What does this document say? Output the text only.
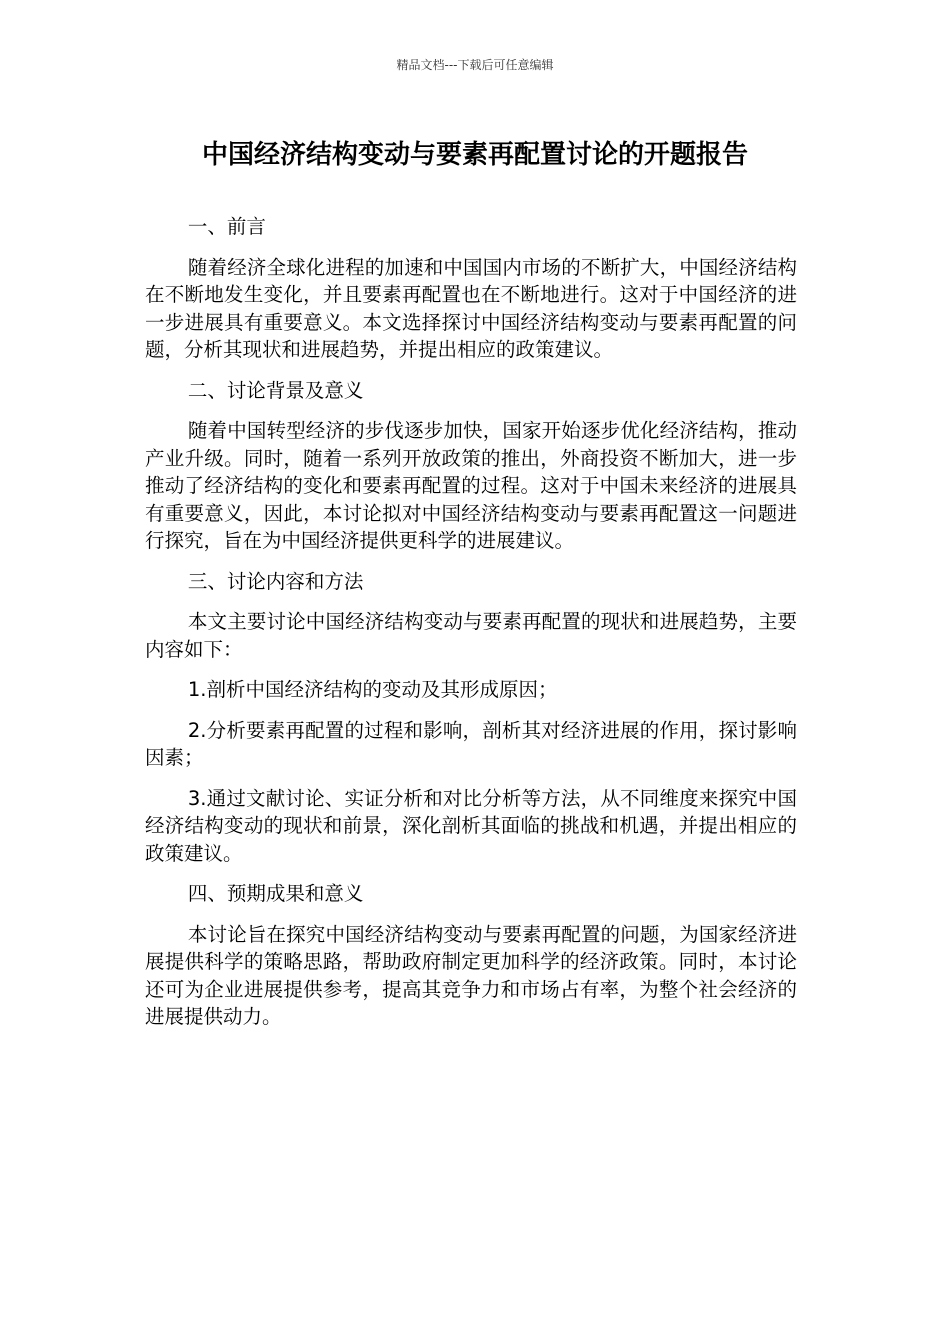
精品文档---下载后可任意编辑
中国经济结构变动与要素再配置讨论的开题报告

一、前言

随着经济全球化进程的加速和中国国内市场的不断扩大，中国经济结构在不断地发生变化，并且要素再配置也在不断地进行。这对于中国经济的进一步进展具有重要意义。本文选择探讨中国经济结构变动与要素再配置的问题，分析其现状和进展趋势，并提出相应的政策建议。

二、讨论背景及意义

随着中国转型经济的步伐逐步加快，国家开始逐步优化经济结构，推动产业升级。同时，随着一系列开放政策的推出，外商投资不断加大，进一步推动了经济结构的变化和要素再配置的过程。这对于中国未来经济的进展具有重要意义，因此，本讨论拟对中国经济结构变动与要素再配置这一问题进行探究，旨在为中国经济提供更科学的进展建议。

三、讨论内容和方法

本文主要讨论中国经济结构变动与要素再配置的现状和进展趋势，主要内容如下：

1.剖析中国经济结构的变动及其形成原因；

2.分析要素再配置的过程和影响，剖析其对经济进展的作用，探讨影响因素；

3.通过文献讨论、实证分析和对比分析等方法，从不同维度来探究中国经济结构变动的现状和前景，深化剖析其面临的挑战和机遇，并提出相应的政策建议。

四、预期成果和意义

本讨论旨在探究中国经济结构变动与要素再配置的问题，为国家经济进展提供科学的策略思路，帮助政府制定更加科学的经济政策。同时，本讨论还可为企业进展提供参考，提高其竞争力和市场占有率，为整个社会经济的进展提供动力。
